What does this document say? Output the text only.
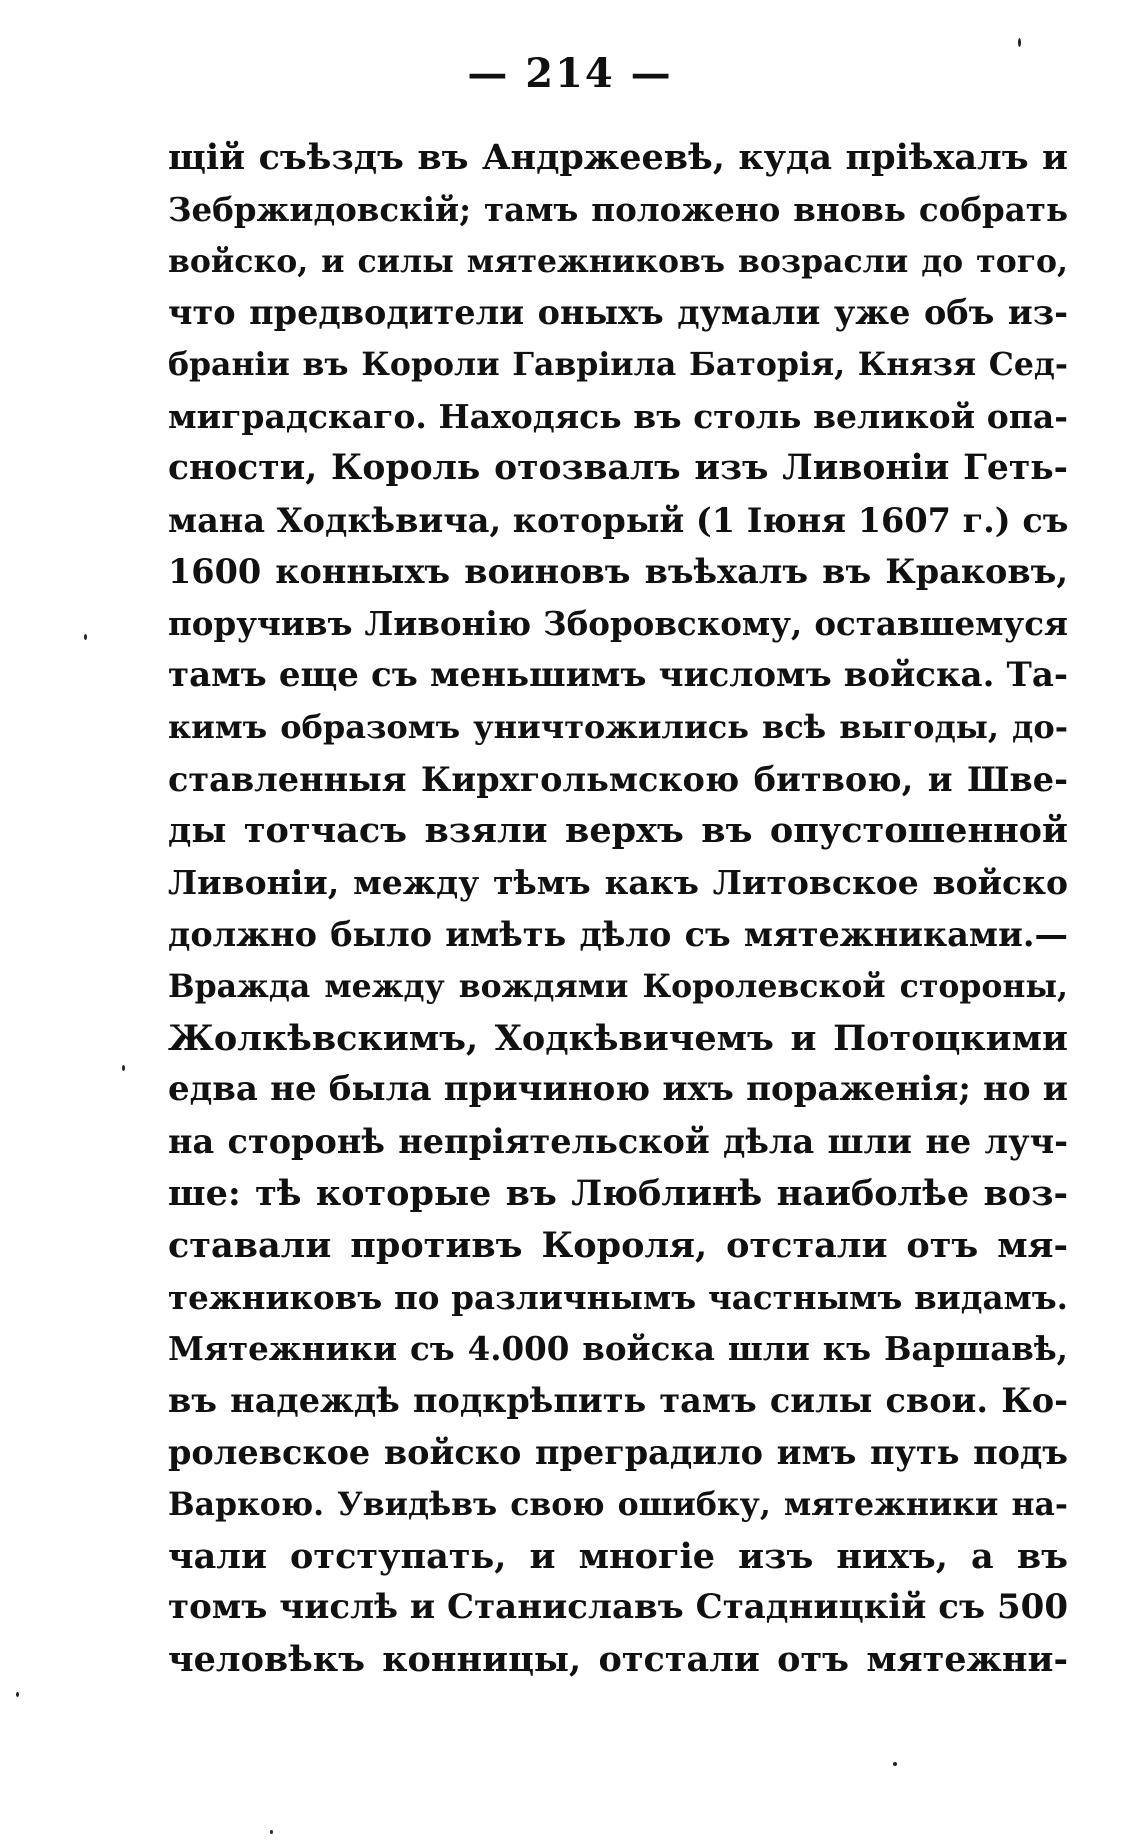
— 214 —
щій съѣздъ въ Андржеевѣ, куда пріѣхалъ и
Зебржидовскій; тамъ положено вновь собрать
войско, и силы мятежниковъ возрасли до того,
что предводители оныхъ думали уже объ из-
браніи въ Короли Гавріила Баторія, Князя Сед-
миградскаго. Находясь въ столь великой опа-
сности, Король отозвалъ изъ Ливоніи Геть-
мана Ходкѣвича, который (1 Іюня 1607 г.) съ
1600 конныхъ воиновъ въѣхалъ въ Краковъ,
поручивъ Ливонію Зборовскому, оставшемуся
тамъ еще съ меньшимъ числомъ войска. Та-
кимъ образомъ уничтожились всѣ выгоды, до-
ставленныя Кирхгольмскою битвою, и Шве-
ды тотчасъ взяли верхъ въ опустошенной
Ливоніи, между тѣмъ какъ Литовское войско
должно было имѣть дѣло съ мятежниками.—
Вражда между вождями Королевской стороны,
Жолкѣвскимъ, Ходкѣвичемъ и Потоцкими
едва не была причиною ихъ пораженія; но и
на сторонѣ непріятельской дѣла шли не луч-
ше: тѣ которые въ Люблинѣ наиболѣе воз-
ставали противъ Короля, отстали отъ мя-
тежниковъ по различнымъ частнымъ видамъ.
Мятежники съ 4.000 войска шли къ Варшавѣ,
въ надеждѣ подкрѣпить тамъ силы свои. Ко-
ролевское войско преградило имъ путь подъ
Варкою. Увидѣвъ свою ошибку, мятежники на-
чали отступать, и многіе изъ нихъ, а въ
томъ числѣ и Станиславъ Стадницкій съ 500
человѣкъ конницы, отстали отъ мятежни-
